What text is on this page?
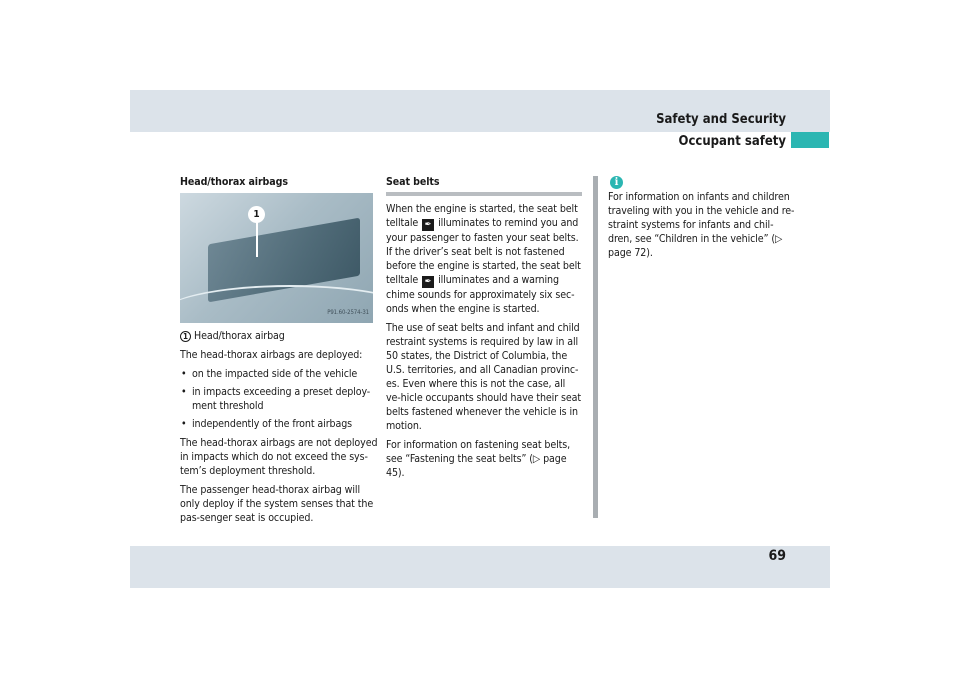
Safety and Security
Occupant safety
Head/thorax airbags
1
P91.60-2574-31

1 Head/thorax airbag

The head-thorax airbags are deployed:

• on the impacted side of the vehicle
• in impacts exceeding a preset deploy-ment threshold
• independently of the front airbags

The head-thorax airbags are not deployed in impacts which do not exceed the sys-tem’s deployment threshold.

The passenger head-thorax airbag will only deploy if the system senses that the pas-senger seat is occupied.

Seat belts

When the engine is started, the seat belt telltale ✒ illuminates to remind you and your passenger to fasten your seat belts. If the driver’s seat belt is not fastened before the engine is started, the seat belt telltale ✒ illuminates and a warning chime sounds for approximately six sec-onds when the engine is started.

The use of seat belts and infant and child restraint systems is required by law in all 50 states, the District of Columbia, the U.S. territories, and all Canadian provinc-es. Even where this is not the case, all ve-hicle occupants should have their seat belts fastened whenever the vehicle is in motion.

For information on fastening seat belts, see “Fastening the seat belts” (▷ page 45).

i

For information on infants and children traveling with you in the vehicle and re-straint systems for infants and chil-dren, see “Children in the vehicle” (▷ page 72).

69
